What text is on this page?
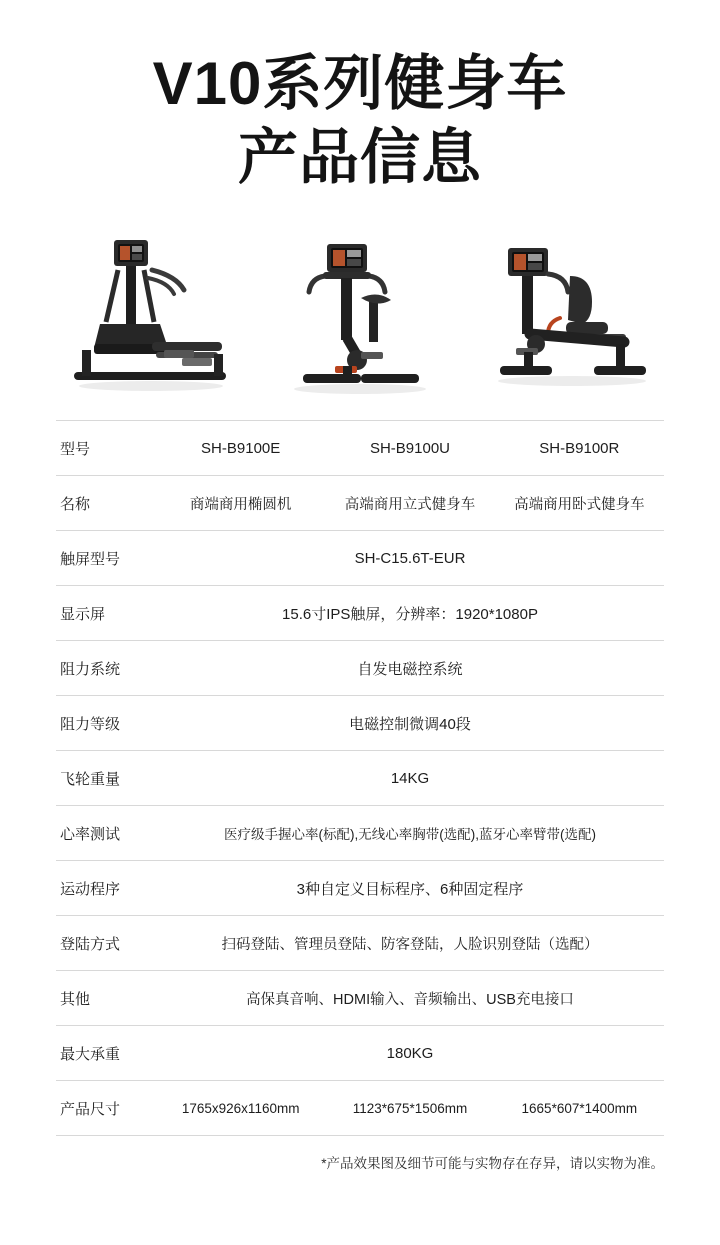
V10系列健身车
产品信息
型号	SH-B9100E	SH-B9100U	SH-B9100R
名称	商端商用椭圆机	高端商用立式健身车	高端商用卧式健身车
触屏型号	SH-C15.6T-EUR		
显示屏	15.6寸IPS触屏，分辨率：1920*1080P		
阻力系统	自发电磁控系统		
阻力等级	电磁控制微调40段		
飞轮重量	14KG		
心率测试	医疗级手握心率(标配),无线心率胸带(选配),蓝牙心率臂带(选配)		
运动程序	3种自定义目标程序、6种固定程序		
登陆方式	扫码登陆、管理员登陆、防客登陆，人脸识别登陆（选配）		
其他	高保真音响、HDMI输入、音频输出、USB充电接口		
最大承重	180KG		
产品尺寸	1765x926x1160mm	1123*675*1506mm	1665*607*1400mm
*产品效果图及细节可能与实物存在存异，请以实物为准。
